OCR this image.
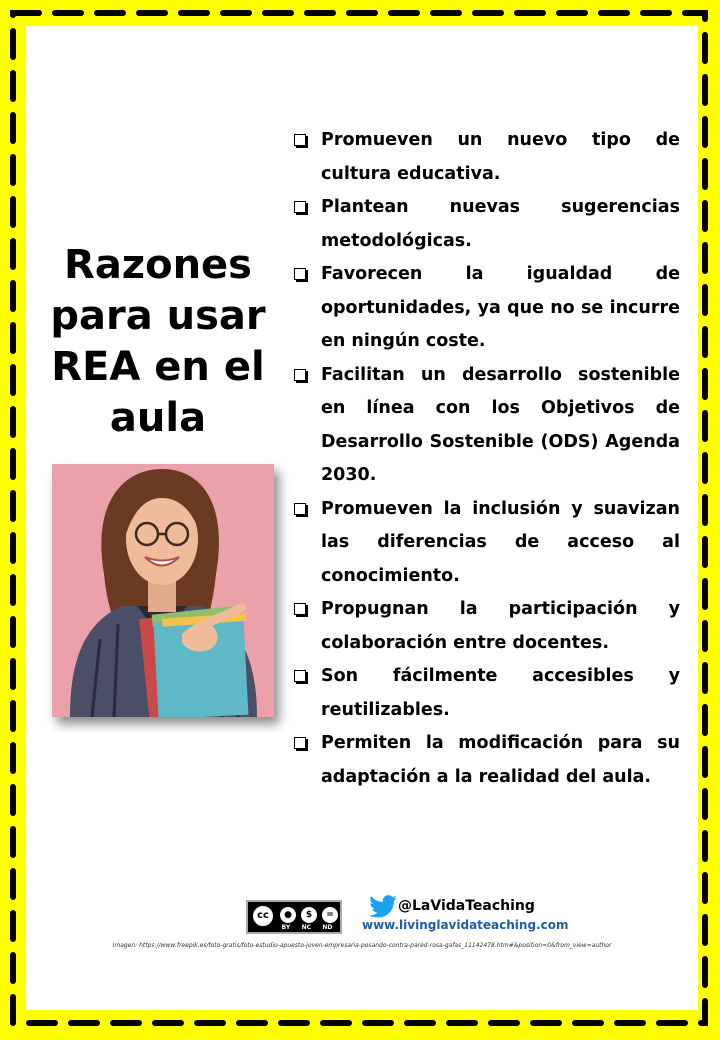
Razones para usar REA en el aula
Promueven un nuevo tipo de cultura educativa.
Plantean nuevas sugerencias metodológicas.
Favorecen la igualdad de oportunidades, ya que no se incurre en ningún coste.
Facilitan un desarrollo sostenible en línea con los Objetivos de Desarrollo Sostenible (ODS) Agenda 2030.
Promueven la inclusión y suavizan las diferencias de acceso al conocimiento.
Propugnan la participación y colaboración entre docentes.
Son fácilmente accesibles y reutilizables.
Permiten la modificación para su adaptación a la realidad del aula.
cc	●	$	=
BY NC ND
@LaVidaTeaching
www.livinglavidateaching.com
Imagen: https://www.freepik.es/foto-gratis/foto-estudio-apuesto-joven-empresaria-posando-contra-pared-rosa-gafas_11142478.htm#&position=0&from_view=author
